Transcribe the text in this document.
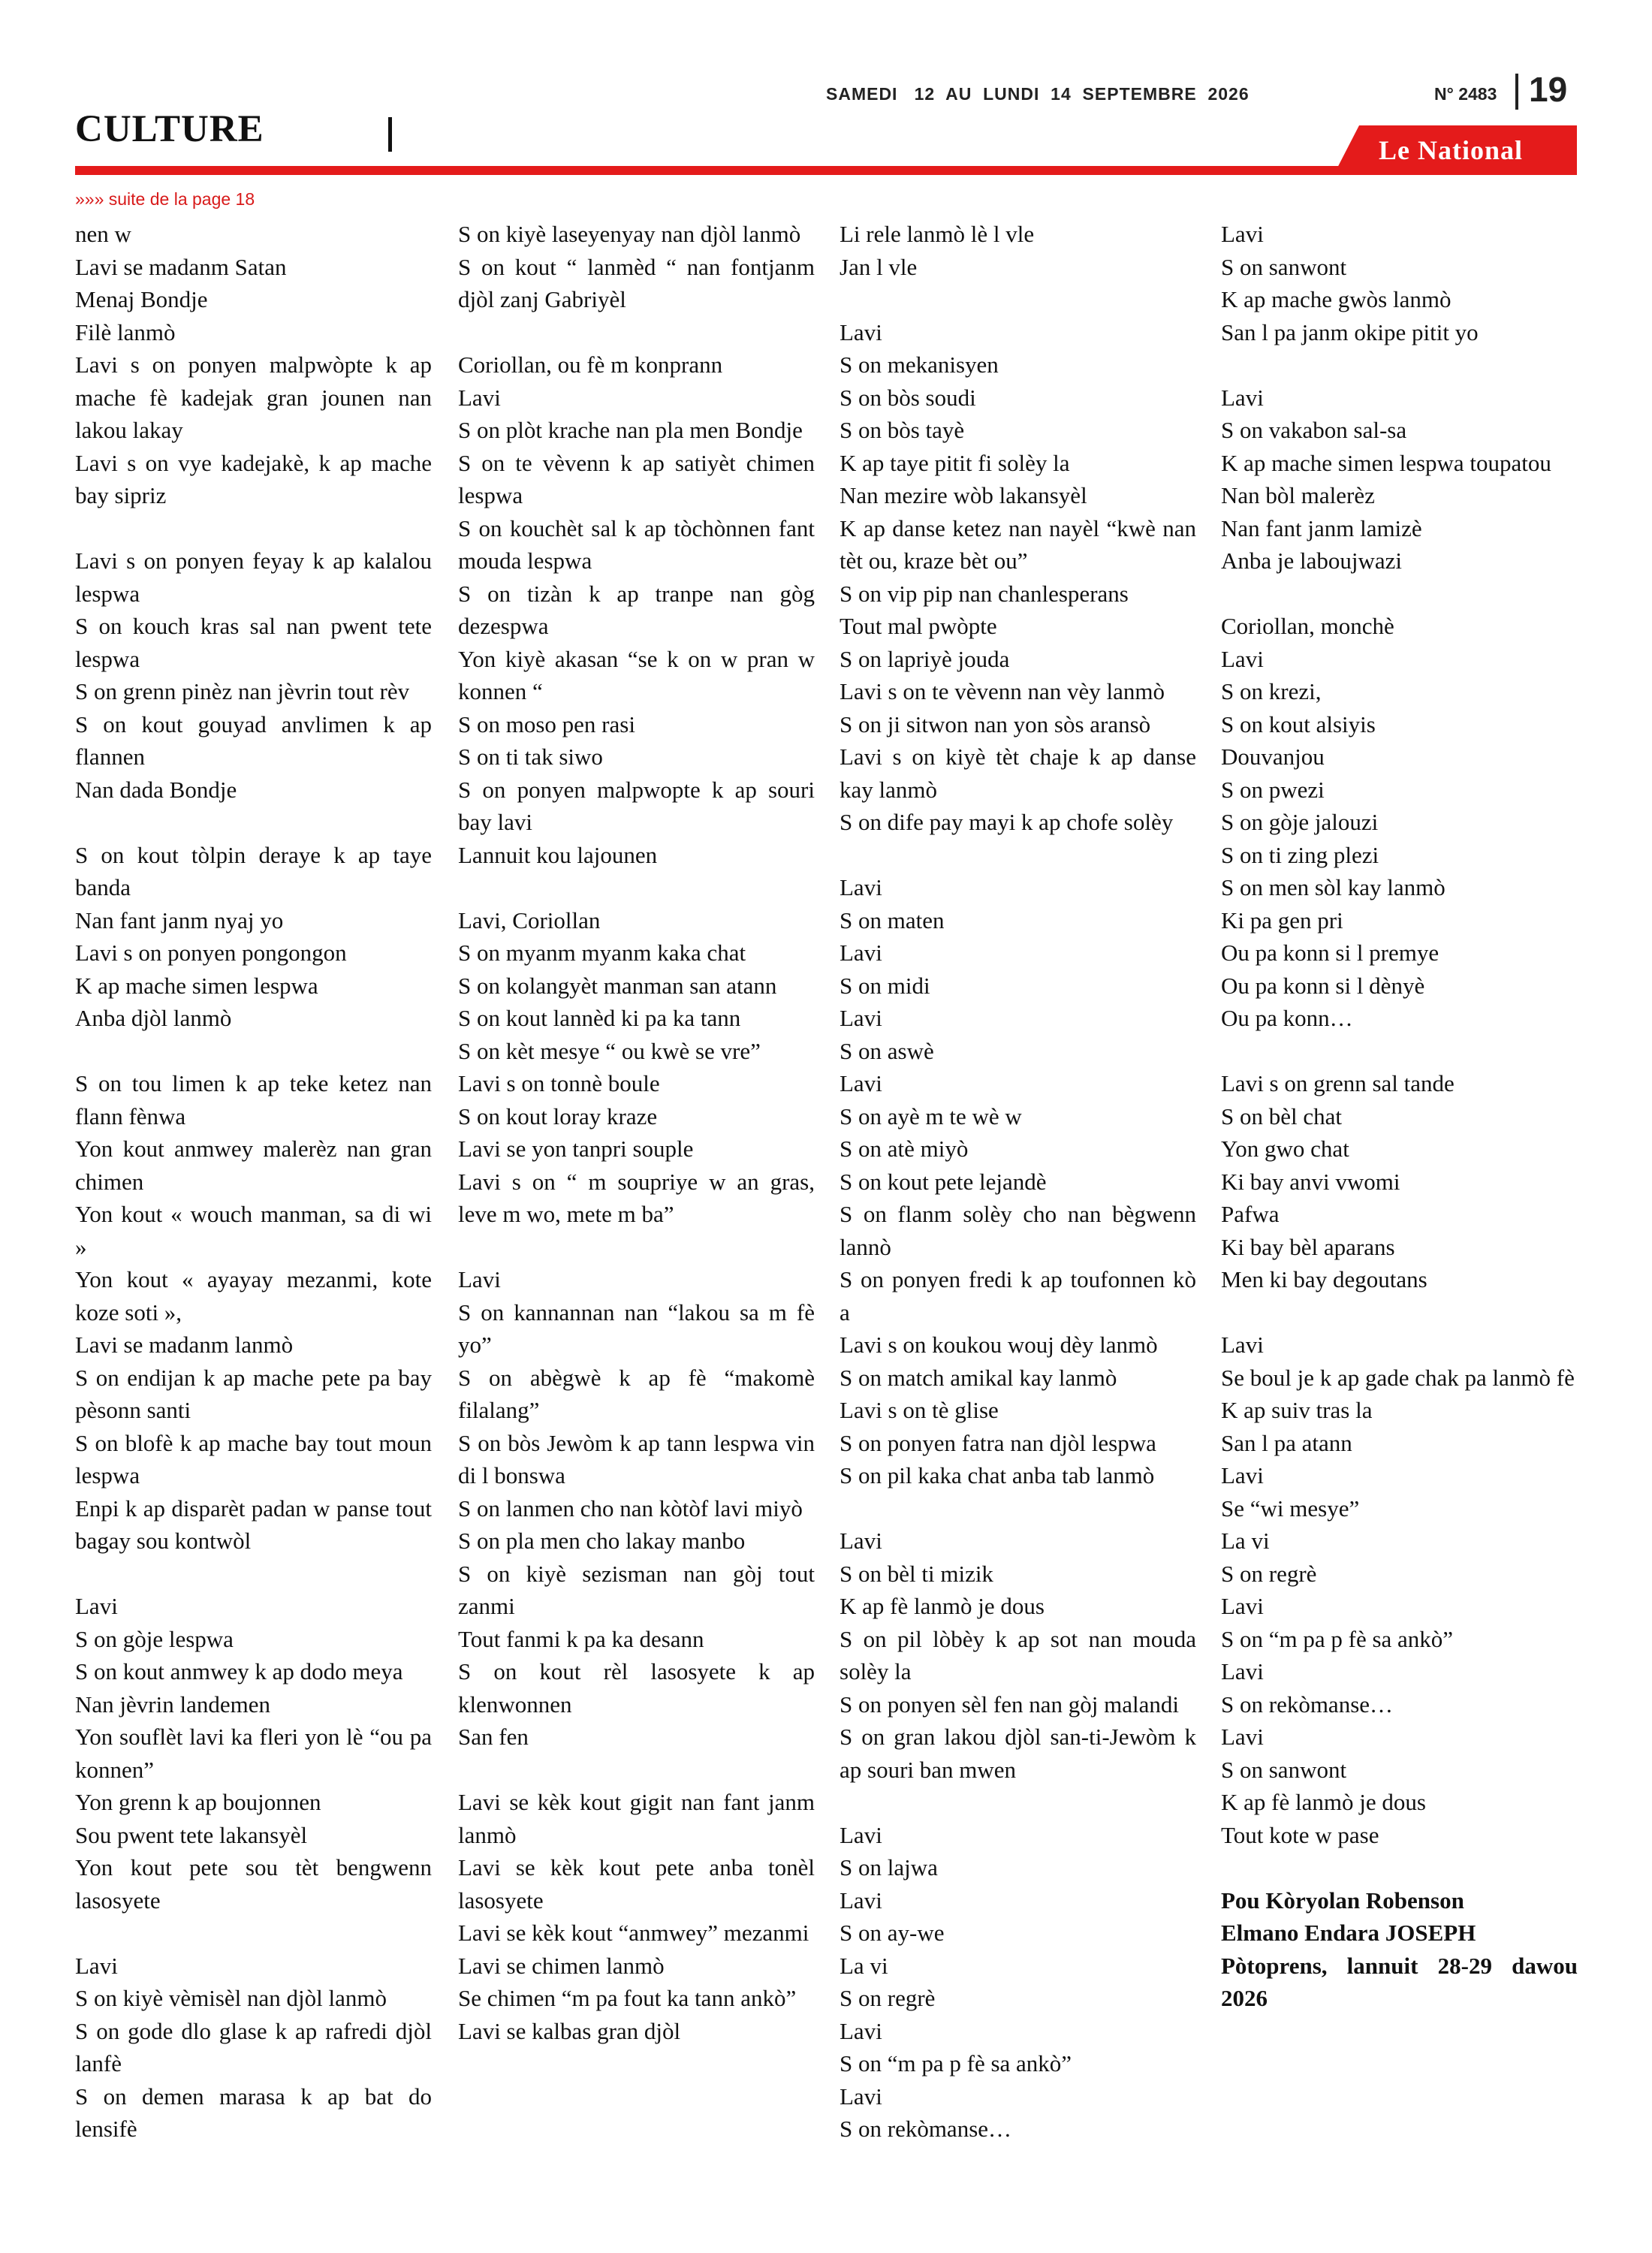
SAMEDI   12  AU  LUNDI  14  SEPTEMBRE  2026	N° 2483 19
CULTURE	Le National
»»» suite de la page 18
nen w
Lavi se madanm Satan
Menaj Bondje
Filè lanmò
Lavi s on ponyen malpwòpte k ap mache fè kadejak gran jounen nan lakou lakay
Lavi s on vye kadejakè, k ap mache bay sipriz
Lavi s on ponyen feyay k ap kalalou lespwa
S on kouch kras sal nan pwent tete lespwa
S on grenn pinèz nan jèvrin tout rèv
S on kout gouyad anvlimen k ap flannen
Nan dada Bondje
S on kout tòlpin deraye k ap taye banda
Nan fant janm nyaj yo
Lavi s on ponyen pongongon
K ap mache simen lespwa
Anba djòl lanmò
S on tou limen k ap teke ketez nan flann fènwa
Yon kout anmwey malerèz nan gran chimen
Yon kout « wouch manman, sa di wi »
Yon kout « ayayay mezanmi, kote koze soti »,
Lavi se madanm lanmò
S on endijan k ap mache pete pa bay pèsonn santi
S on blofè k ap mache bay tout moun lespwa
Enpi k ap disparèt padan w panse tout bagay sou kontwòl
Lavi
S on gòje lespwa
S on kout anmwey k ap dodo meya
Nan jèvrin landemen
Yon souflèt lavi ka fleri yon lè “ou pa konnen”
Yon grenn k ap boujonnen
Sou pwent tete lakansyèl
Yon kout pete sou tèt bengwenn lasosyete
Lavi
S on kiyè vèmisèl nan djòl lanmò
S on gode dlo glase k ap rafredi djòl lanfè
S on demen marasa k ap bat do lensifè
S on kiyè laseyenyay nan djòl lanmò
S on kout “ lanmèd “ nan fontjanm djòl zanj Gabriyèl
Coriollan, ou fè m konprann
Lavi
S on plòt krache nan pla men Bondje
S on te vèvenn k ap satiyèt chimen lespwa
S on kouchèt sal k ap tòchònnen fant mouda lespwa
S on tizàn k ap tranpe nan gòg dezespwa
Yon kiyè akasan “se k on w pran w konnen “
S on moso pen rasi
S on ti tak siwo
S on ponyen malpwopte k ap souri bay lavi
Lannuit kou lajounen
Lavi, Coriollan
S on myanm myanm kaka chat
S on kolangyèt manman san atann
S on kout lannèd ki pa ka tann
S on kèt mesye “ ou kwè se vre”
Lavi s on tonnè boule
S on kout loray kraze
Lavi se yon tanpri souple
Lavi s on “ m soupriye w an gras, leve m wo, mete m ba”
Lavi
S on kannannan nan “lakou sa m fè yo”
S on abègwè k ap fè “makomè filalang”
S on bòs Jewòm k ap tann lespwa vin di l bonswa
S on lanmen cho nan kòtòf lavi miyò
S on pla men cho lakay manbo
S on kiyè sezisman nan gòj tout zanmi
Tout fanmi k pa ka desann
S on kout rèl lasosyete k ap klenwonnen
San fen
Lavi se kèk kout gigit nan fant janm lanmò
Lavi se kèk kout pete anba tonèl lasosyete
Lavi se kèk kout “anmwey” mezanmi
Lavi se chimen lanmò
Se chimen “m pa fout ka tann ankò”
Lavi se kalbas gran djòl
Li rele lanmò lè l vle
Jan l vle
Lavi
S on mekanisyen
S on bòs soudi
S on bòs tayè
K ap taye pitit fi solèy la
Nan mezire wòb lakansyèl
K ap danse ketez nan nayèl “kwè nan tèt ou, kraze bèt ou”
S on vip pip nan chanlesperans
Tout mal pwòpte
S on lapriyè jouda
Lavi s on te vèvenn nan vèy lanmò
S on ji sitwon nan yon sòs aransò
Lavi s on kiyè tèt chaje k ap danse kay lanmò
S on dife pay mayi k ap chofe solèy
Lavi
S on maten
Lavi
S on midi
Lavi
S on aswè
Lavi
S on ayè m te wè w
S on atè miyò
S on kout pete lejandè
S on flanm solèy cho nan bègwenn lannò
S on ponyen fredi k ap toufonnen kò a
Lavi s on koukou wouj dèy lanmò
S on match amikal kay lanmò
Lavi s on tè glise
S on ponyen fatra nan djòl lespwa
S on pil kaka chat anba tab lanmò
Lavi
S on bèl ti mizik
K ap fè lanmò je dous
S on pil lòbèy k ap sot nan mouda solèy la
S on ponyen sèl fen nan gòj malandi
S on gran lakou djòl san-ti-Jewòm k ap souri ban mwen
Lavi
S on lajwa
Lavi
S on ay-we
La vi
S on regrè
Lavi
S on “m pa p fè sa ankò”
Lavi
S on rekòmanse…
Lavi
S on sanwont
K ap mache gwòs lanmò
San l pa janm okipe pitit yo
Lavi
S on vakabon sal-sa
K ap mache simen lespwa toupatou
Nan bòl malerèz
Nan fant janm lamizè
Anba je laboujwazi
Coriollan, monchè
Lavi
S on krezi,
S on kout alsiyis
Douvanjou
S on pwezi
S on gòje jalouzi
S on ti zing plezi
S on men sòl kay lanmò
Ki pa gen pri
Ou pa konn si l premye
Ou pa konn si l dènyè
Ou pa konn…
Lavi s on grenn sal tande
S on bèl chat
Yon gwo chat
Ki bay anvi vwomi
Pafwa
Ki bay bèl aparans
Men ki bay degoutans
Lavi
Se boul je k ap gade chak pa lanmò fè
K ap suiv tras la
San l pa atann
Lavi
Se “wi mesye”
La vi
S on regrè
Lavi
S on “m pa p fè sa ankò”
Lavi
S on rekòmanse…
Lavi
S on sanwont
K ap fè lanmò je dous
Tout kote w pase
Pou Kòryolan Robenson
Elmano Endara JOSEPH
Pòtoprens, lannuit 28-29 dawou 2026
